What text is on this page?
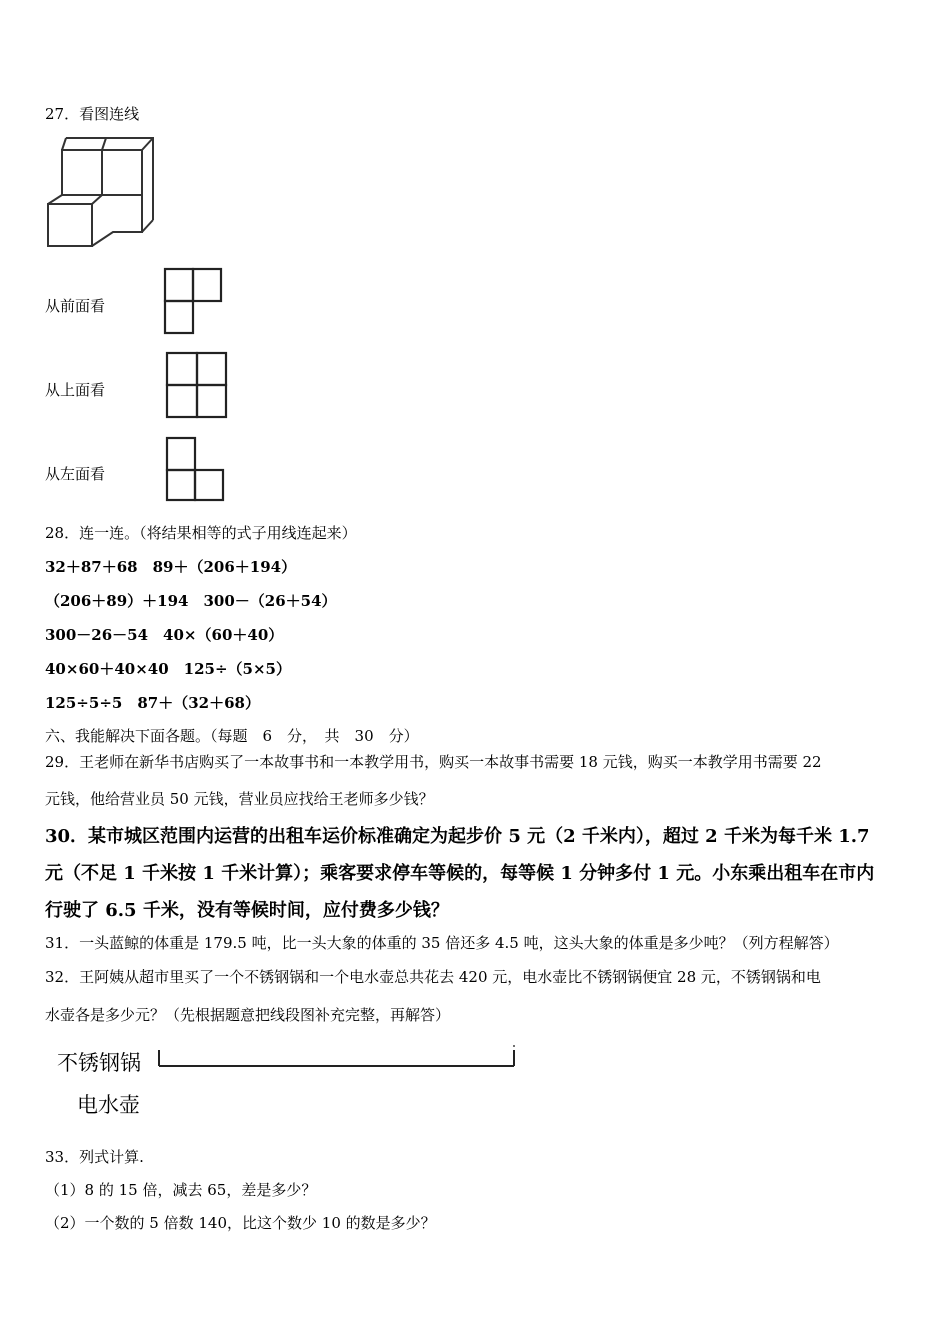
27．看图连线
从前面看
从上面看
从左面看
28．连一连。（将结果相等的式子用线连起来）
32＋87＋68　89＋（206＋194）
（206＋89）＋194　300－（26＋54）
300－26－54　40×（60＋40）
40×60＋40×40　125÷（5×5）
125÷5÷5　87＋（32＋68）
六、我能解决下面各题。（每题　6　分，　共　30　分）
29．王老师在新华书店购买了一本故事书和一本教学用书，购买一本故事书需要 18 元钱，购买一本教学用书需要 22
元钱，他给营业员 50 元钱，营业员应找给王老师多少钱？
30．某市城区范围内运营的出租车运价标准确定为起步价 5 元（2 千米内），超过 2 千米为每千米 1.7
元（不足 1 千米按 1 千米计算）；乘客要求停车等候的，每等候 1 分钟多付 1 元。小东乘出租车在市内
行驶了 6.5 千米，没有等候时间，应付费多少钱？
31．一头蓝鲸的体重是 179.5 吨，比一头大象的体重的 35 倍还多 4.5 吨，这头大象的体重是多少吨？（列方程解答）
32．王阿姨从超市里买了一个不锈钢锅和一个电水壶总共花去 420 元，电水壶比不锈钢锅便宜 28 元，不锈钢锅和电
水壶各是多少元？（先根据题意把线段图补充完整，再解答）
不锈钢锅
电水壶
33．列式计算.
（1）8 的 15 倍，减去 65，差是多少？
（2）一个数的 5 倍数 140，比这个数少 10 的数是多少？
